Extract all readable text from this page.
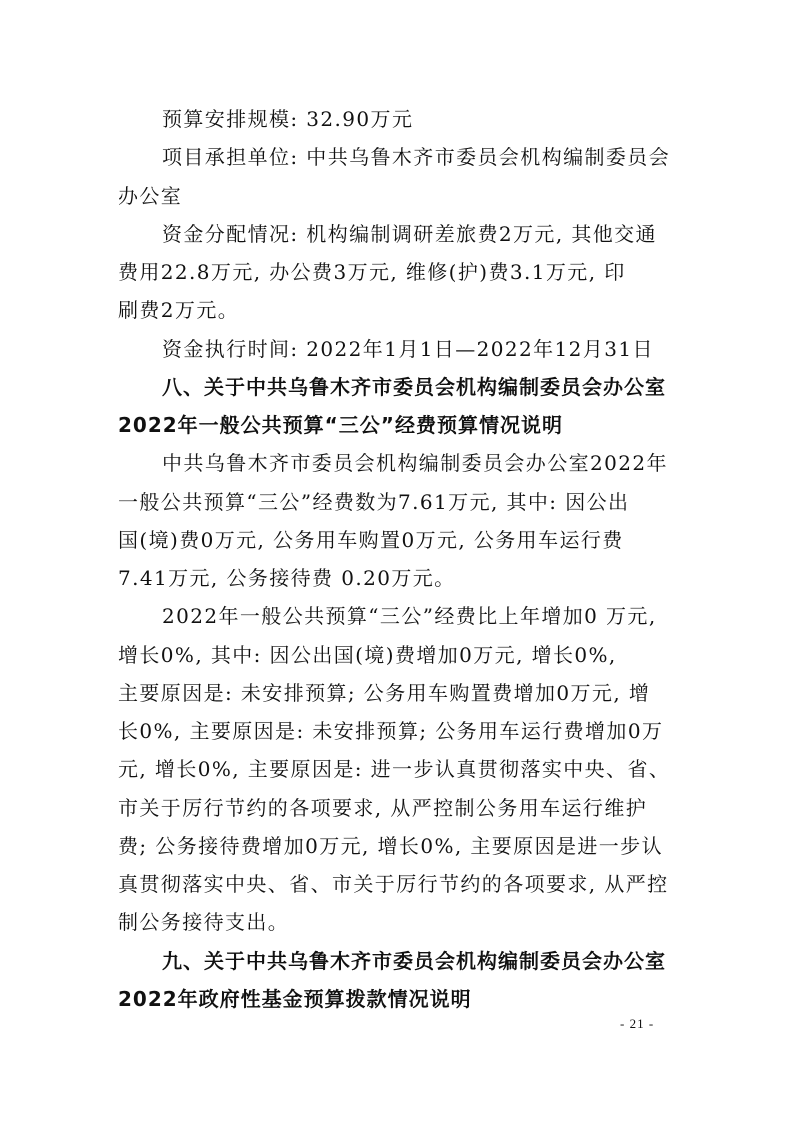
预算安排规模: 32.90万元
项目承担单位: 中共乌鲁木齐市委员会机构编制委员会
办公室
资金分配情况: 机构编制调研差旅费2万元, 其他交通
费用22.8万元, 办公费3万元, 维修(护)费3.1万元, 印
刷费2万元。
资金执行时间: 2022年1月1日—2022年12月31日
八、关于中共乌鲁木齐市委员会机构编制委员会办公室
2022年一般公共预算“三公”经费预算情况说明
中共乌鲁木齐市委员会机构编制委员会办公室2022年
一般公共预算“三公”经费数为7.61万元, 其中: 因公出
国(境)费0万元, 公务用车购置0万元, 公务用车运行费
7.41万元, 公务接待费 0.20万元。
2022年一般公共预算“三公”经费比上年增加0 万元,
增长0%, 其中: 因公出国(境)费增加0万元, 增长0%,
主要原因是: 未安排预算; 公务用车购置费增加0万元, 增
长0%, 主要原因是: 未安排预算; 公务用车运行费增加0万
元, 增长0%, 主要原因是: 进一步认真贯彻落实中央、省、
市关于厉行节约的各项要求, 从严控制公务用车运行维护
费; 公务接待费增加0万元, 增长0%, 主要原因是进一步认
真贯彻落实中央、省、市关于厉行节约的各项要求, 从严控
制公务接待支出。
九、关于中共乌鲁木齐市委员会机构编制委员会办公室
2022年政府性基金预算拨款情况说明
- 21 -
